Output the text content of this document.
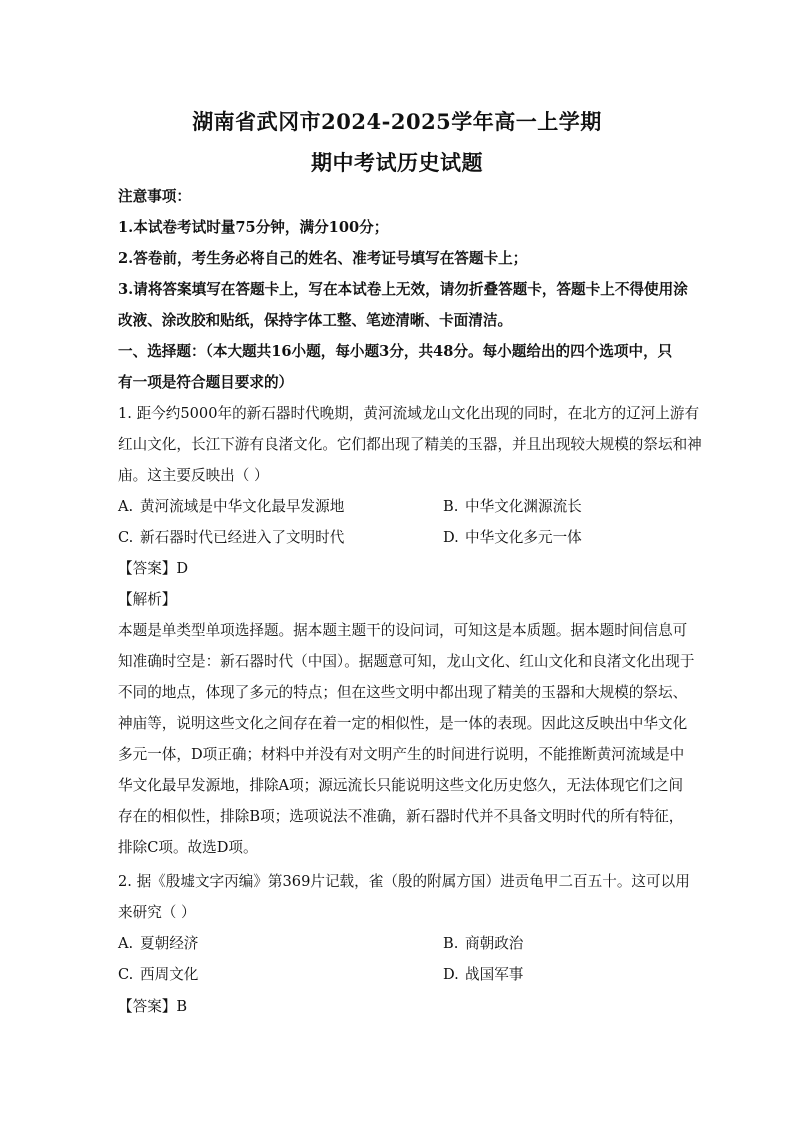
湖南省武冈市2024-2025学年高一上学期
期中考试历史试题
注意事项：
1.本试卷考试时量75分钟，满分100分；
2.答卷前，考生务必将自己的姓名、准考证号填写在答题卡上；
3.请将答案填写在答题卡上，写在本试卷上无效，请勿折叠答题卡，答题卡上不得使用涂
改液、涂改胶和贴纸，保持字体工整、笔迹清晰、卡面清洁。
一、选择题：（本大题共16小题，每小题3分，共48分。每小题给出的四个选项中，只
有一项是符合题目要求的）
1. 距今约5000年的新石器时代晚期，黄河流域龙山文化出现的同时，在北方的辽河上游有
红山文化，长江下游有良渚文化。它们都出现了精美的玉器，并且出现较大规模的祭坛和神
庙。这主要反映出（ ）
A. 黄河流域是中华文化最早发源地	B. 中华文化渊源流长
C. 新石器时代已经进入了文明时代	D. 中华文化多元一体
【答案】D
【解析】
本题是单类型单项选择题。据本题主题干的设问词，可知这是本质题。据本题时间信息可
知准确时空是：新石器时代（中国）。据题意可知，龙山文化、红山文化和良渚文化出现于
不同的地点，体现了多元的特点；但在这些文明中都出现了精美的玉器和大规模的祭坛、
神庙等，说明这些文化之间存在着一定的相似性，是一体的表现。因此这反映出中华文化
多元一体，D项正确；材料中并没有对文明产生的时间进行说明，不能推断黄河流域是中
华文化最早发源地，排除A项；源远流长只能说明这些文化历史悠久，无法体现它们之间
存在的相似性，排除B项；选项说法不准确，新石器时代并不具备文明时代的所有特征，
排除C项。故选D项。
2. 据《殷墟文字丙编》第369片记载，雀（殷的附属方国）进贡龟甲二百五十。这可以用
来研究（ ）
A. 夏朝经济	B. 商朝政治
C. 西周文化	D. 战国军事
【答案】B
